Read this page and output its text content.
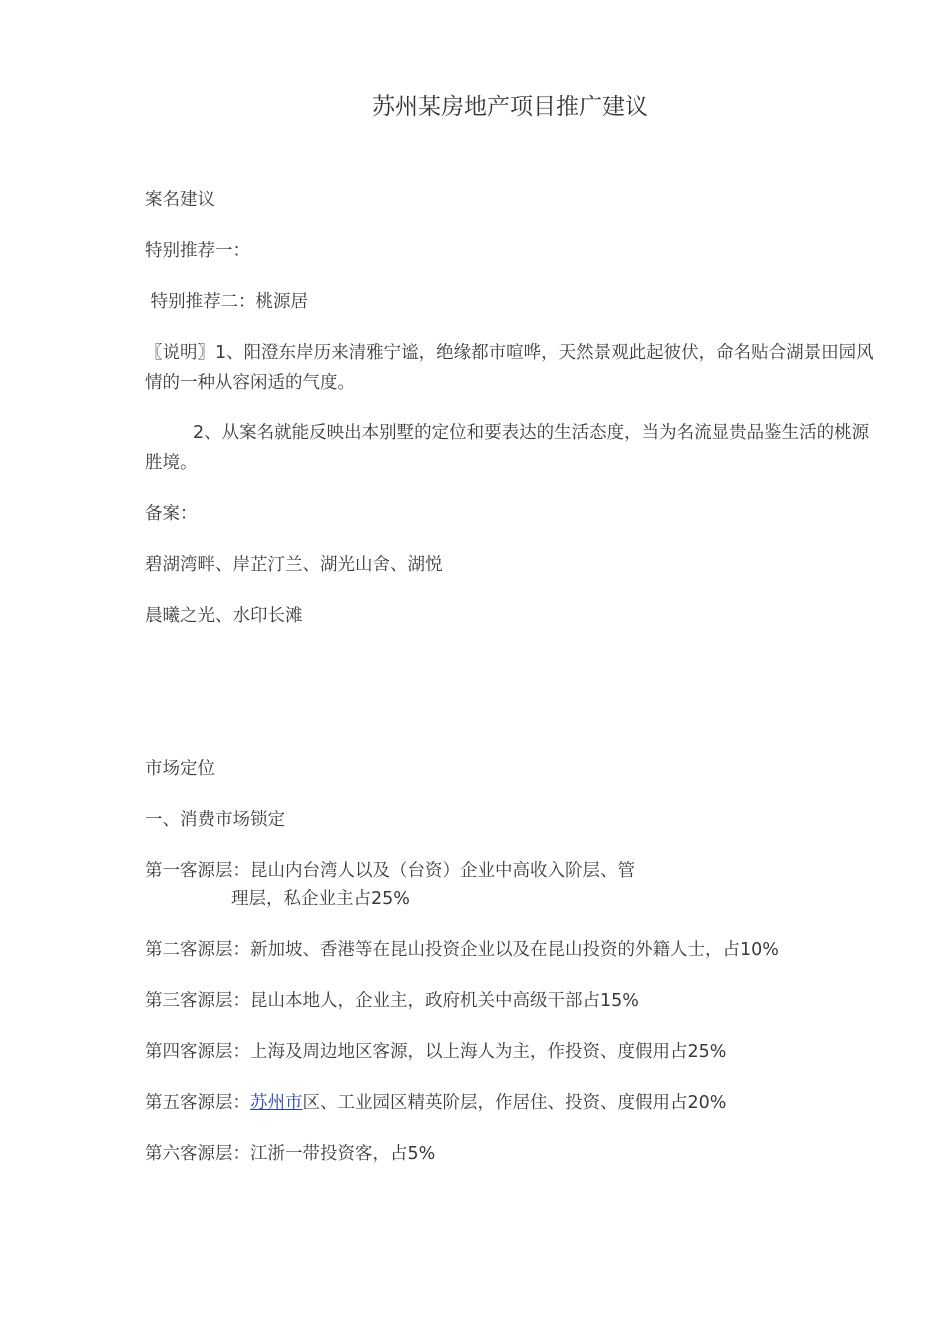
苏州某房地产项目推广建议
案名建议
特别推荐一：
特别推荐二：桃源居
〖说明〗1、阳澄东岸历来清雅宁谧，绝缘都市喧哗，天然景观此起彼伏，命名贴合湖景田园风情的一种从容闲适的气度。
2、从案名就能反映出本别墅的定位和要表达的生活态度，当为名流显贵品鉴生活的桃源胜境。
备案：
碧湖湾畔、岸芷汀兰、湖光山舍、湖悦
晨曦之光、水印长滩
市场定位
一、消费市场锁定
第一客源层：昆山内台湾人以及（台资）企业中高收入阶层、管
理层，私企业主占25%
第二客源层：新加坡、香港等在昆山投资企业以及在昆山投资的外籍人士，占10%
第三客源层：昆山本地人，企业主，政府机关中高级干部占15%
第四客源层：上海及周边地区客源，以上海人为主，作投资、度假用占25%
第五客源层：苏州市区、工业园区精英阶层，作居住、投资、度假用占20%
第六客源层：江浙一带投资客，占5%
